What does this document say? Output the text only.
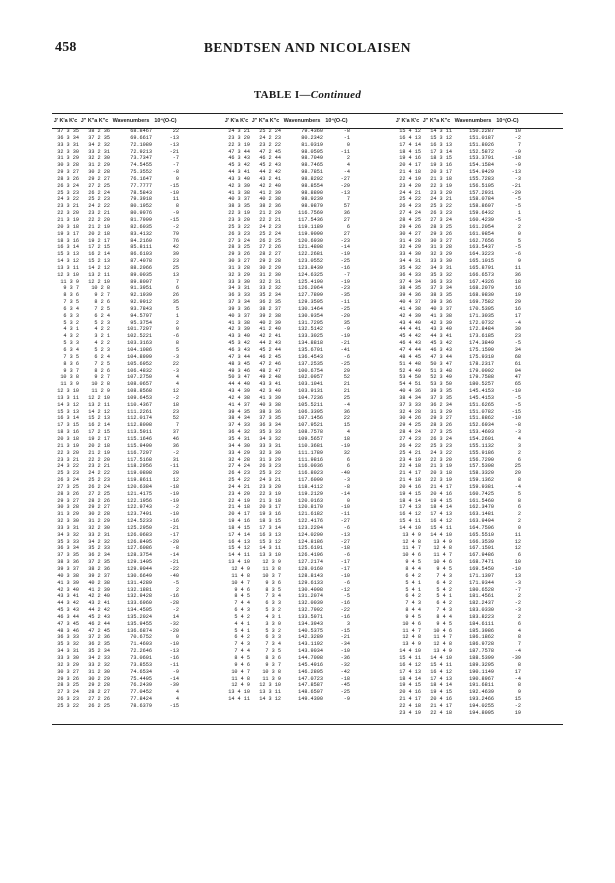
458	BENDTSEN AND NICOLAISEN
TABLE I—Continued
J' K'a K'c J" K"a K"c Wavenumbers 10⁴(O-C)
37 3 35	38 2 36	68.8467	22
36 3 34	37 2 35	69.6617	-13
33 3 31	34 2 32	72.1089	-13
32 3 30	33 2 31	72.9213	-21
31 3 29	32 2 30	73.7347	-7
30 3 28	31 2 29	74.5455	-7
29 3 27	30 2 28	75.3552	-8
28 3 26	29 2 27	76.1647	0
26 3 24	27 2 25	77.7777	-15
25 3 23	26 2 24	78.5843	-10
24 3 22	25 2 23	79.3918	11
23 3 21	24 2 22	80.1952	8
22 3 20	23 2 21	80.9976	-9
21 3 19	22 2 20	81.7999	-15
20 3 18	21 2 19	82.6035	-2
19 3 17	20 2 18	83.4132	79
18 3 16	19 2 17	84.2160	76
16 3 14	17 2 15	85.8111	42
15 3 13	16 2 14	86.6103	39
14 3 12	15 2 13	87.4078	23
13 3 11	14 2 12	88.2066	25
12 3 10	13 2 11	89.0035	13
11 3 9	12 2 10	89.8007	7
9 3 7	10 2 8	91.3951	6
8 3 6	9 2 7	92.1939	26
7 3 5	8 2 6	92.9912	35
6 3 4	7 2 5	93.7843	5
6 3 3	6 2 4	94.5797	1
5 3 2	5 2 3	95.3754	2
4 3 1	4 2 2	101.7297	0
4 3 2	3 2 1	102.5221	-6
5 3 3	4 2 2	103.3163	8
6 3 4	5 2 3	104.1086	5
7 3 5	6 2 4	104.8999	-3
8 3 6	7 2 5	105.6952	22
9 3 7	8 2 6	106.4832	-3
10 3 8	9 2 7	107.2750	4
11 3 9	10 2 8	108.0657	4
12 3 10	11 2 9	108.8568	12
13 3 11	12 2 10	109.6453	-2
14 3 12	13 2 11	110.4367	18
15 3 13	14 2 12	111.2261	23
16 3 14	15 2 13	112.0174	52
17 3 15	16 2 14	112.8008	7
18 3 16	17 2 15	113.5911	37
20 3 18	19 2 17	115.1646	46
21 3 19	20 2 18	115.9490	36
22 3 20	21 2 19	116.7297	-2
23 3 21	22 2 20	117.5168	31
24 3 22	23 2 21	118.2956	-11
25 3 23	24 2 22	119.0808	20
26 3 24	25 2 23	119.8611	12
27 3 25	26 2 24	120.6384	-18
28 3 26	27 2 25	121.4175	-19
29 3 27	28 2 26	122.1956	-19
30 3 28	29 2 27	122.9743	-2
31 3 29	30 2 28	123.7491	-10
32 3 30	31 2 29	124.5233	-16
33 3 31	32 2 30	125.2950	-21
34 3 32	33 2 31	126.0683	-17
35 3 33	34 2 32	126.8405	-20
36 3 34	35 2 33	127.6086	-8
37 3 35	36 2 34	128.3754	-14
38 3 36	37 2 35	129.1405	-21
39 3 37	38 2 36	129.9044	-22
40 3 38	39 2 37	130.6649	-40
41 3 39	40 2 38	131.4289	-5
42 3 40	41 2 39	132.1881	2
43 3 41	42 2 40	132.9428	-16
44 3 42	43 2 41	133.6960	-28
45 3 43	44 2 42	134.4505	-2
46 3 44	45 2 43	135.2024	14
47 3 45	46 2 44	135.9455	-32
48 3 46	47 2 45	136.6874	-20
36 3 33	37 2 36	70.6752	0
35 3 32	36 2 35	71.4693	-10
34 3 31	35 2 34	72.2646	-13
33 3 30	34 2 33	73.0601	-16
32 3 29	33 2 32	73.8553	-11
30 3 27	31 2 30	74.6534	-9
29 3 26	30 2 29	75.4495	-14
28 3 25	29 2 28	76.2439	-39
27 3 24	28 2 27	77.0452	4
26 3 23	27 2 26	77.8424	4
25 3 22	26 2 25	78.6379	-15
J' K'a K'c J" K"a K"c Wavenumbers 10⁴(O-C)
24 3 21	25 2 24	79.4360	-8
23 3 20	24 2 23	80.2342	-1
22 3 19	23 2 22	81.0319	0
47 3 44	47 2 45	98.0595	-11
46 3 43	46 2 44	98.7049	2
45 3 42	45 2 43	98.7465	4
44 3 41	44 2 42	98.7851	-4
43 3 40	43 2 41	98.8202	-27
42 3 39	42 2 40	98.8554	-29
41 3 38	41 2 39	98.8890	-13
40 3 37	40 2 38	98.9239	7
38 3 35	38 2 36	98.9879	57
22 3 19	21 2 20	116.7569	36
23 3 20	22 2 21	117.5436	27
25 3 22	24 2 23	119.1189	6
26 3 23	25 2 24	119.9090	27
27 3 24	26 2 25	120.6930	-23
28 3 25	27 2 26	121.4808	-14
29 3 26	28 2 27	122.2681	-19
30 3 27	29 2 28	123.0552	-25
31 3 28	30 2 29	123.8439	-16
32 3 29	31 2 30	124.6325	-7
33 3 30	32 2 31	125.4190	-19
34 3 31	33 2 32	126.2064	-23
36 3 33	35 2 34	127.7809	-35
37 3 34	36 2 35	129.3595	-11
39 3 36	38 2 37	130.1464	-25
40 3 37	39 2 38	130.9354	-20
41 3 38	40 2 39	131.7295	35
42 3 39	41 2 40	132.5142	-9
43 3 40	42 2 41	133.3025	-19
45 3 42	44 2 43	134.8818	-21
46 3 43	45 2 44	135.6701	-41
47 3 44	46 2 45	136.4543	-6
48 3 45	47 2 46	137.2535	-25
49 3 46	48 2 47	100.6754	29
50 3 47	49 2 48	102.0957	52
44 4 40	43 3 41	103.1041	21
43 4 39	42 3 40	103.9131	21
42 4 38	41 3 39	104.7236	25
41 4 37	40 3 38	105.5211	-4
39 4 35	38 3 36	106.3395	36
38 4 34	37 3 35	107.1456	22
37 4 33	36 3 34	107.9521	15
36 4 32	35 3 33	108.7578	4
35 4 31	34 3 32	109.5657	18
34 4 30	33 3 31	110.3681	-19
33 4 29	32 3 30	111.1789	32
32 4 28	31 3 29	111.9816	6
27 4 24	26 3 23	116.0036	6
26 4 23	25 3 22	116.8023	-40
25 4 22	24 3 21	117.6090	-3
24 4 21	23 3 20	118.4112	-8
23 4 20	22 3 19	119.2129	-14
22 4 19	21 3 18	120.0163	0
21 4 18	20 3 17	120.8170	-10
20 4 17	19 3 16	121.6182	-11
19 4 16	18 3 15	122.4176	-27
18 4 15	17 3 14	123.2204	-6
17 4 14	16 3 13	124.0200	-13
16 4 13	15 3 12	124.8186	-27
15 4 12	14 3 11	125.6191	-18
14 4 11	13 3 10	126.4196	-6
13 4 10	12 3 9	127.2174	-17
12 4 9	11 3 8	128.0160	-17
11 4 8	10 3 7	128.8143	-10
10 4 7	9 3 6	129.6133	-6
9 4 6	8 3 5	130.4098	-12
8 4 5	7 3 4	131.2074	-5
7 4 4	6 3 3	132.0039	-16
6 4 3	5 3 2	132.7992	-22
5 4 2	4 3 1	133.5971	-16
4 4 1	3 3 0	134.3943	3
5 4 1	5 3 2	140.5375	-15
6 4 2	6 3 3	142.3289	-21
7 4 3	7 3 4	143.1192	-34
7 4 4	7 3 5	143.9034	-10
8 4 5	8 3 6	144.7008	-36
9 4 6	9 3 7	145.4916	-32
10 4 7	10 3 8	146.2805	-42
11 4 8	11 3 9	147.0723	-18
12 4 9	12 3 10	147.8587	-45
13 4 10	13 3 11	148.6507	-25
14 4 11	14 3 12	149.4300	-9
J' K'a K'c J" K"a K"c Wavenumbers 10⁴(O-C)
15 4 12	14 3 11	150.2287	10
16 4 13	15 3 12	151.0187	-2
17 4 14	16 3 13	151.8026	7
18 4 15	17 3 14	152.5872	-9
19 4 16	18 3 15	153.3701	-18
20 4 17	19 3 16	154.1584	-9
21 4 18	20 3 17	154.9429	-13
22 4 19	21 3 18	155.7283	-3
23 4 20	22 3 19	156.5105	-21
24 4 21	23 3 20	157.2931	-29
25 4 22	24 3 21	158.0784	-5
26 4 23	25 3 22	158.8607	-5
27 4 24	26 3 23	159.6432	1
28 4 25	27 3 24	160.4239	-5
29 4 26	28 3 25	161.2054	2
30 4 27	29 3 26	161.9854	0
31 4 28	30 3 27	162.7656	5
32 4 29	31 3 28	163.5437	-5
33 4 30	32 3 29	164.3223	-6
34 4 31	33 3 30	165.1015	9
35 4 32	34 3 31	165.8791	11
36 4 33	35 3 32	166.6573	36
37 4 34	36 3 33	167.4326	18
38 4 35	37 3 34	168.2079	16
39 4 36	38 3 35	168.9830	19
40 4 37	39 3 36	169.7582	29
41 4 38	40 3 37	170.5305	16
42 4 39	41 3 38	171.3035	17
43 4 40	42 3 39	172.0732	-4
44 4 41	43 3 40	172.8484	30
45 4 42	44 3 41	173.6185	23
46 4 43	45 3 42	174.3849	-5
47 4 44	46 3 43	175.1590	34
48 4 45	47 3 44	175.9310	68
51 4 48	50 3 47	178.2317	61
52 4 49	51 3 48	179.0002	94
53 4 50	52 3 49	179.7588	47
54 4 51	53 3 50	180.5257	65
40 4 36	39 3 35	145.4153	-10
38 4 34	37 3 35	145.4153	-5
37 3 33	36 2 34	151.6265	-5
32 4 28	31 3 29	151.0782	-15
30 4 26	29 3 27	151.8862	-10
29 4 25	28 3 26	152.6934	-8
28 4 24	27 3 25	153.4603	-3
27 4 23	26 3 24	154.2601	4
26 4 22	25 3 23	155.1132	3
25 4 21	24 3 22	155.9186	2
23 4 19	22 3 20	156.7290	6
22 4 18	21 3 19	157.5308	25
21 4 17	20 3 18	158.3320	20
21 4 18	22 3 19	159.1362	8
20 4 16	21 4 17	159.9381	-4
19 4 15	20 4 16	160.7425	5
18 4 14	19 4 15	161.5460	8
17 4 13	18 4 14	162.3470	6
16 4 12	17 4 13	163.1481	2
15 4 11	16 4 12	163.9494	2
14 4 10	15 4 11	164.7506	0
13 4 9	14 4 10	165.5510	11
12 4 8	13 4 9	166.3539	12
11 4 7	12 4 8	167.1501	12
10 4 6	11 4 7	167.9486	6
9 4 5	10 4 6	168.7471	10
8 4 4	9 4 5	169.5450	-10
6 4 2	7 4 3	171.1397	13
5 4 1	6 4 2	171.9344	-3
5 4 1	5 4 2	180.6528	-7
6 4 2	5 4 1	181.4561	2
7 4 3	6 4 2	182.2437	-2
8 4 4	7 4 3	183.0330	-3
9 4 5	8 4 4	183.8223	2
10 4 6	9 4 5	184.6111	6
11 4 7	10 4 6	185.3986	4
12 4 8	11 4 7	186.1862	8
13 4 9	12 4 8	186.9728	7
14 4 10	13 4 9	187.7578	-4
15 4 11	14 4 10	188.5399	-39
16 4 12	15 4 11	189.3295	8
17 4 13	16 4 12	190.1149	17
18 4 14	17 4 13	190.8967	-4
19 4 15	18 4 14	191.6811	8
20 4 16	19 4 15	192.4639	9
21 4 17	20 4 16	193.2466	15
22 4 18	21 4 17	194.0255	-2
23 4 19	22 4 18	194.8095	19
